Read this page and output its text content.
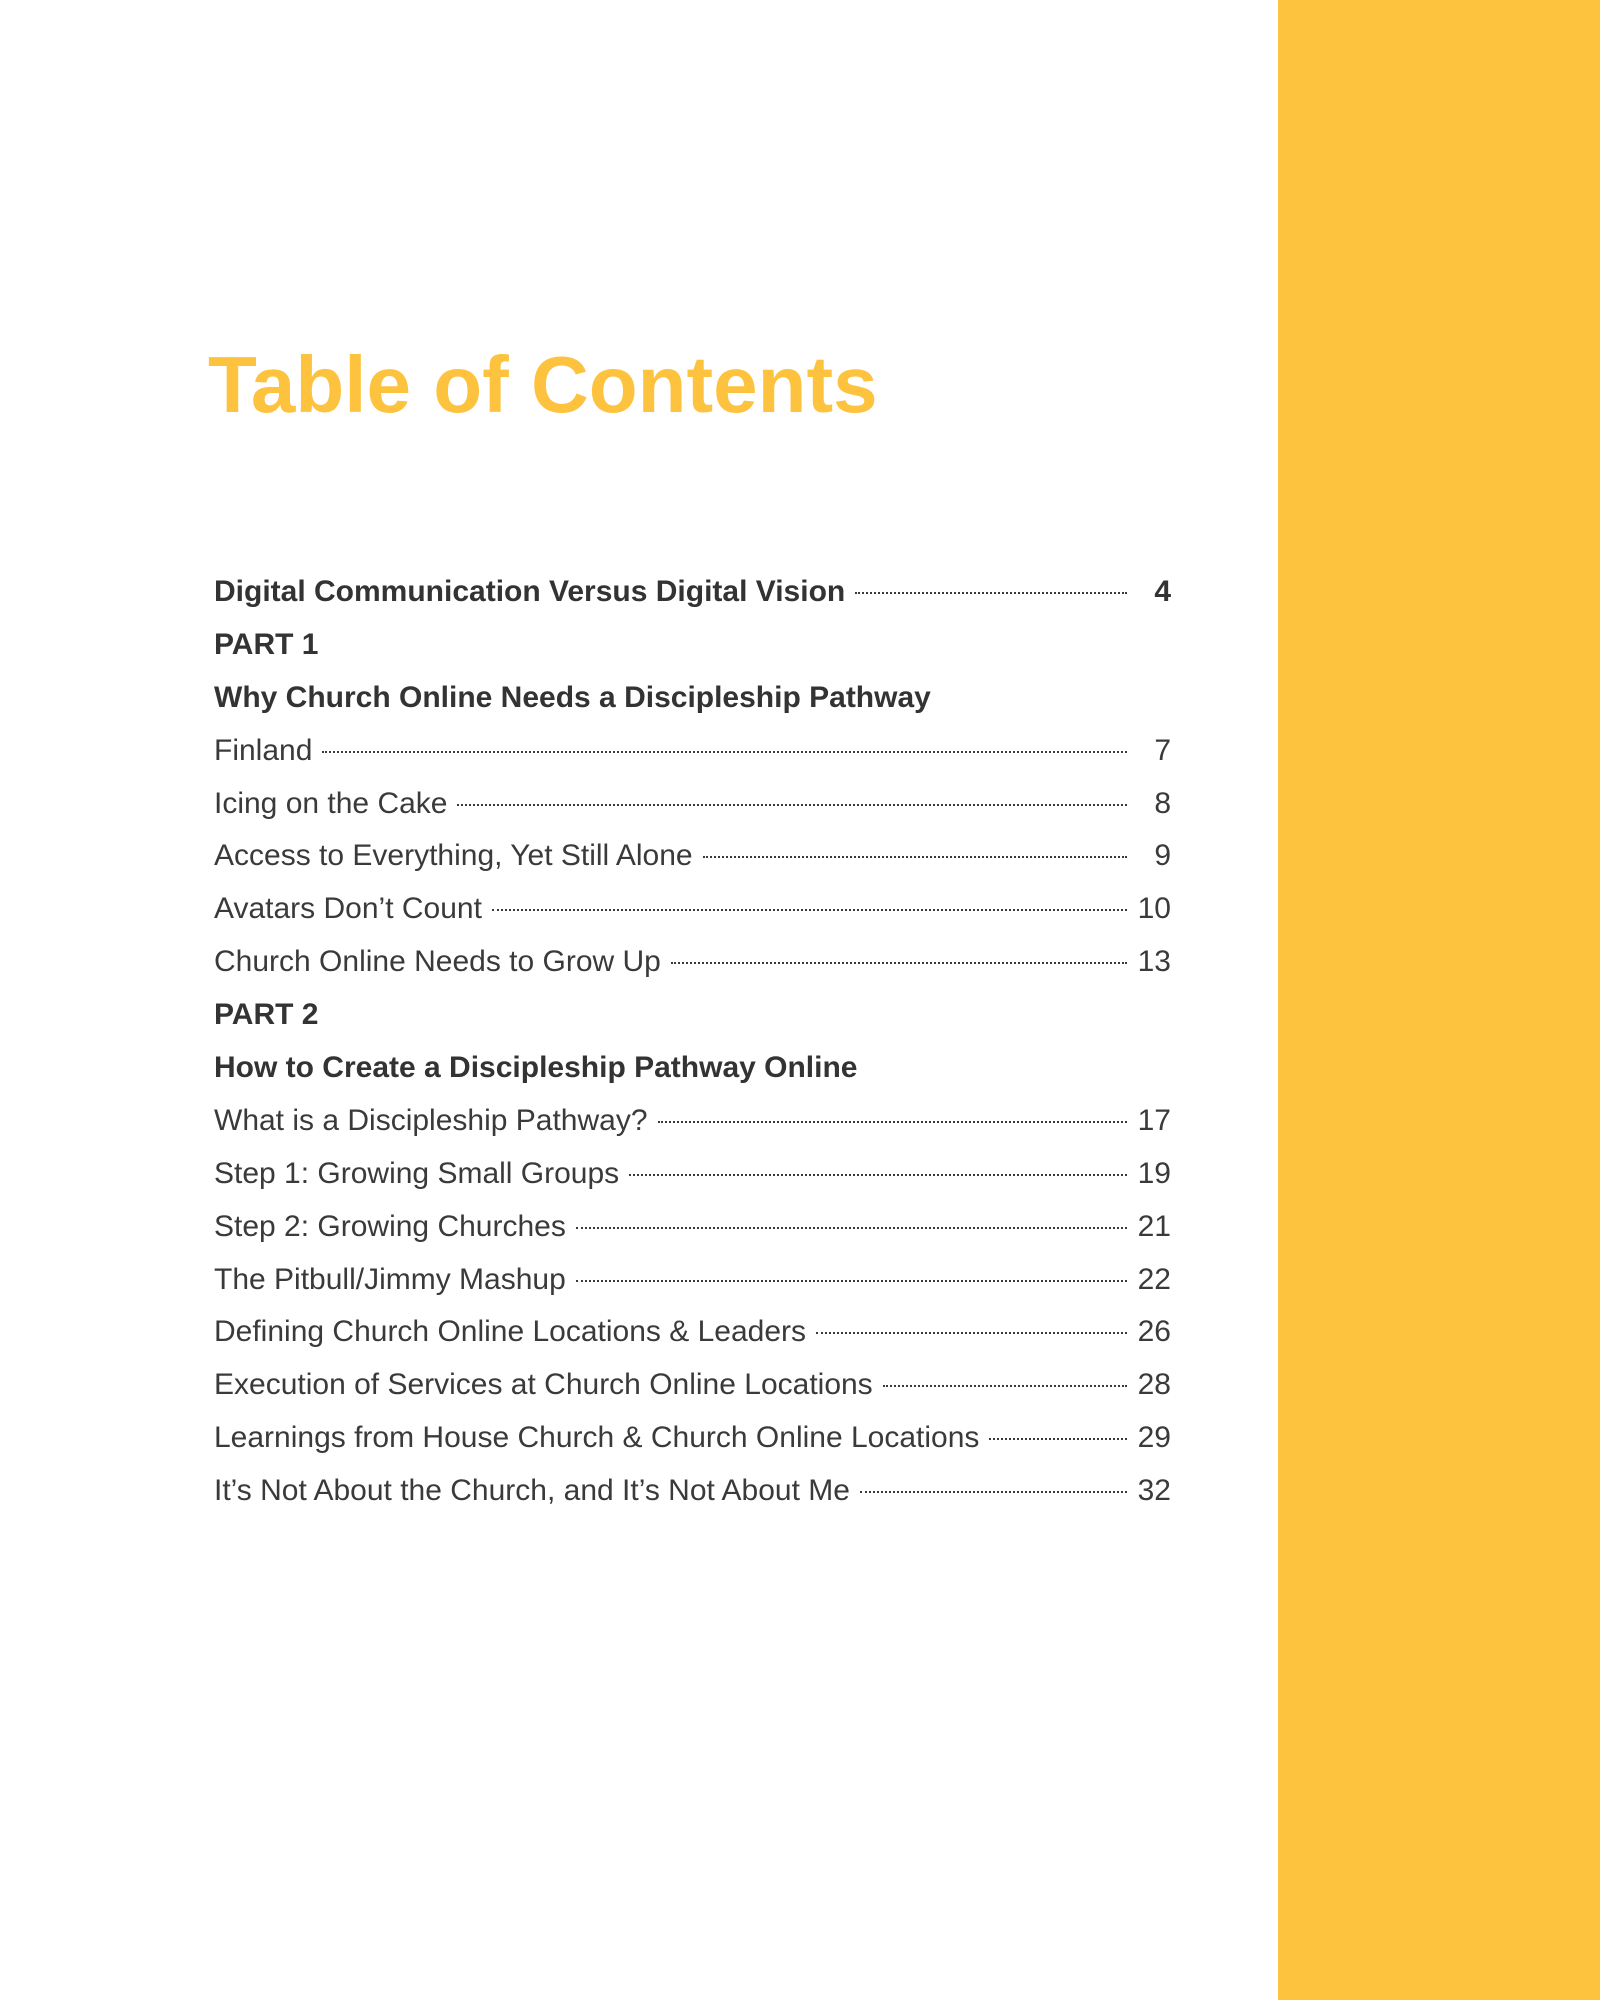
Table of Contents
Digital Communication Versus Digital Vision	4
PART 1
Why Church Online Needs a Discipleship Pathway
Finland	7
Icing on the Cake	8
Access to Everything, Yet Still Alone	9
Avatars Don’t Count	10
Church Online Needs to Grow Up	13
PART 2
How to Create a Discipleship Pathway Online
What is a Discipleship Pathway?	17
Step 1: Growing Small Groups	19
Step 2: Growing Churches	21
The Pitbull/Jimmy Mashup	22
Defining Church Online Locations & Leaders	26
Execution of Services at Church Online Locations	28
Learnings from House Church & Church Online Locations	29
It’s Not About the Church, and It’s Not About Me	32
